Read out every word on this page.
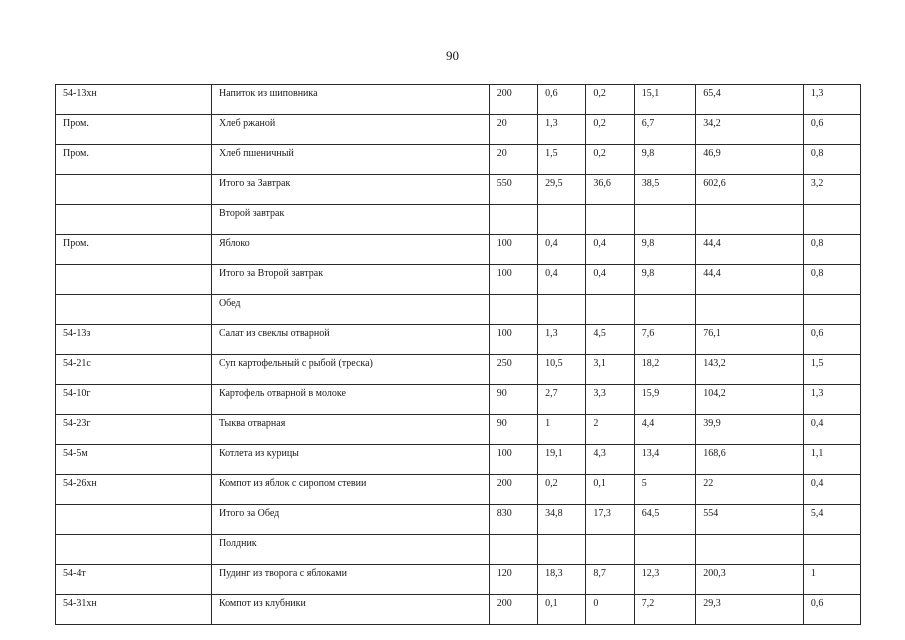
90
54-13хн	Напиток из шиповника	200	0,6	0,2	15,1	65,4	1,3
Пром.	Хлеб ржаной	20	1,3	0,2	6,7	34,2	0,6
Пром.	Хлеб пшеничный	20	1,5	0,2	9,8	46,9	0,8
	Итого за Завтрак	550	29,5	36,6	38,5	602,6	3,2
	Второй завтрак						
Пром.	Яблоко	100	0,4	0,4	9,8	44,4	0,8
	Итого за Второй завтрак	100	0,4	0,4	9,8	44,4	0,8
	Обед						
54-13з	Салат из свеклы отварной	100	1,3	4,5	7,6	76,1	0,6
54-21с	Суп картофельный с рыбой (треска)	250	10,5	3,1	18,2	143,2	1,5
54-10г	Картофель отварной в молоке	90	2,7	3,3	15,9	104,2	1,3
54-23г	Тыква отварная	90	1	2	4,4	39,9	0,4
54-5м	Котлета из курицы	100	19,1	4,3	13,4	168,6	1,1
54-26хн	Компот из яблок с сиропом стевии	200	0,2	0,1	5	22	0,4
	Итого за Обед	830	34,8	17,3	64,5	554	5,4
	Полдник						
54-4т	Пудинг из творога с яблоками	120	18,3	8,7	12,3	200,3	1
54-31хн	Компот из клубники	200	0,1	0	7,2	29,3	0,6
